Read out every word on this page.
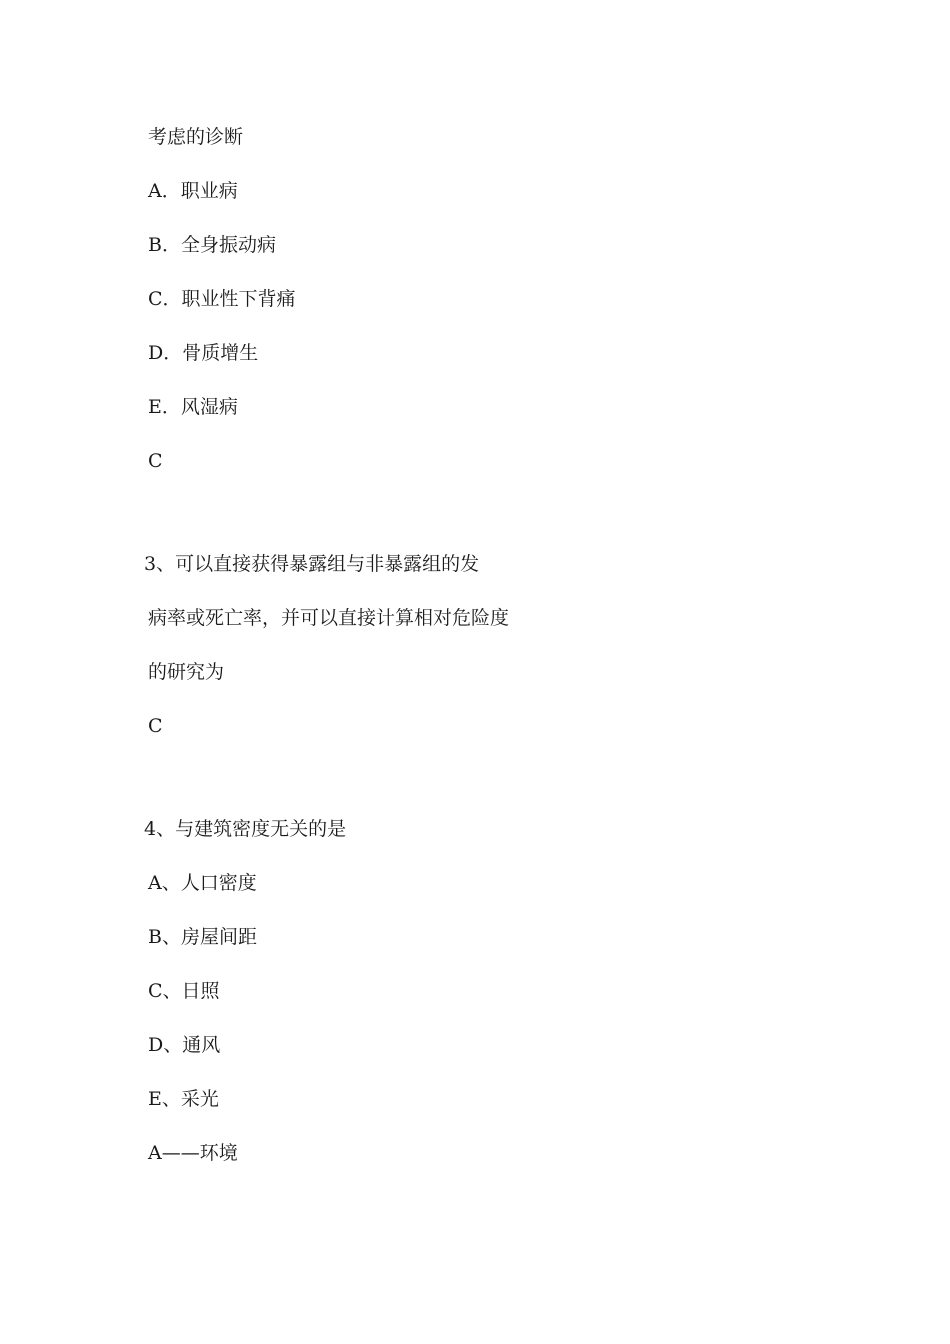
考虑的诊断
A．职业病
B．全身振动病
C．职业性下背痛
D．骨质增生
E．风湿病
C
3、可以直接获得暴露组与非暴露组的发
病率或死亡率，并可以直接计算相对危险度
的研究为
C
4、与建筑密度无关的是
A、人口密度
B、房屋间距
C、日照
D、通风
E、采光
A——环境
